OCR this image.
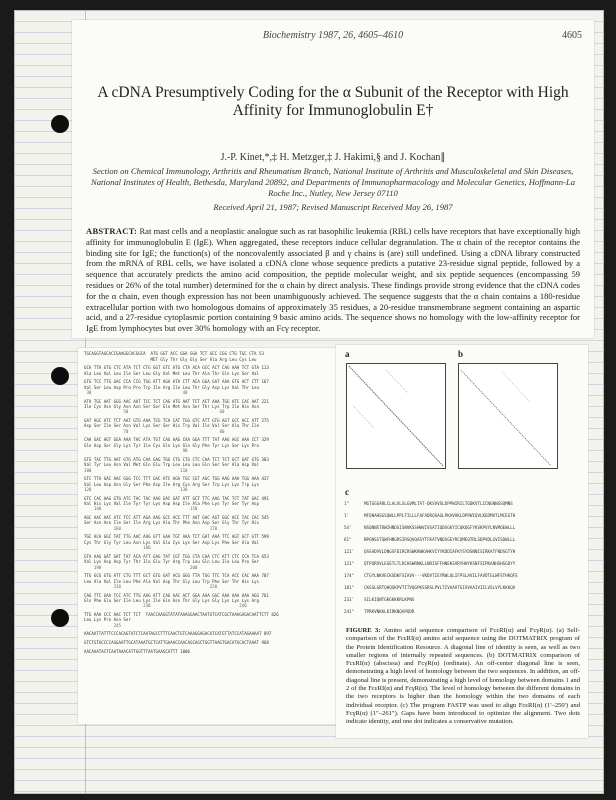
Biochemistry 1987, 26, 4605–4610	4605
A cDNA Presumptively Coding for the α Subunit of the Receptor with High Affinity for Immunoglobulin E†
J.-P. Kinet,*,‡ H. Metzger,‡ J. Hakimi,§ and J. Kochan∥
Section on Chemical Immunology, Arthritis and Rheumatism Branch, National Institute of Arthritis and Musculoskeletal and Skin Diseases, National Institutes of Health, Bethesda, Maryland 20892, and Departments of Immunopharmacology and Molecular Genetics, Hoffmann-La Roche Inc., Nutley, New Jersey 07110
Received April 21, 1987; Revised Manuscript Received May 26, 1987
ABSTRACT: Rat mast cells and a neoplastic analogue such as rat basophilic leukemia (RBL) cells have receptors that have exceptionally high affinity for immunoglobulin E (IgE). When aggregated, these receptors induce cellular degranulation. The α chain of the receptor contains the binding site for IgE; the function(s) of the noncovalently associated β and γ chains is (are) still undefined. Using a cDNA library constructed from the mRNA of RBL cells, we have isolated a cDNA clone whose sequence predicts a putative 23-residue signal peptide, followed by a sequence that accurately predicts the amino acid composition, the peptide molecular weight, and six peptide sequences (encompassing 59 residues or 26% of the total number) determined for the α chain by direct analysis. These findings provide strong evidence that the cDNA codes for the α chain, even though expression has not been unambiguously achieved. The sequence suggests that the α chain contains a 180-residue extracellular portion with two homologous domains of approximately 35 residues, a 20-residue transmembrane segment containing an aspartic acid, and a 27-residue cytoplasmic portion containing 9 basic amino acids. The sequence shows no homology with the low-affinity receptor for IgE from lymphocytes but over 30% homology with an Fcγ receptor.
TGCAGGTAGCACCGAAGGCACGGCA  ATG GGT ACC GGA GGA TCT GCC CGG CTG TGC CTA 53
MET Gly Thr Gly Gly Ser Ala Arg Leu Cys Leu
GCA TTA GTG CTC ATA TCT CTG GGT GTC ATG CTA ACA GCC ACT CAG AAA TCT GTA 113
Ala Leu Val Leu Ile Ser Leu Gly Val Met Leu Thr Ala Thr Gln Lys Ser Val
GTG TCC TTG GAC CCA CCG TGG ATT AGA ATA CTT ACA GGA GAT AAA GTG ACT CTT 167
Val Ser Leu Asp Pro Pro Trp Ile Arg Ile Leu Thr Gly Asp Lys Val Thr Leu
30                                     40
ATA TGC AAT GGG AAC AAT TCC TCT CAG ATG AAT TCT ACT AAA TGG ATC CAC AAT 221
Ile Cys Asn Gly Asn Asn Ser Ser Gln Met Asn Ser Thr Lys Trp Ile His Asn
50                                     60
GAT AGC ATC TCT AAT GTG AAA TCG TCA CAT TGG GTC ATT GTG AGT GCC ACC ATT 275
Asp Ser Ile Ser Asn Val Lys Ser Ser His Trp Val Ile Val Ser Ala Thr Ile
70                                     80
CAA GAC AGT GGA AAA TAC ATA TGT CAG AAG CAA GGA TTT TAT AAG AGC AAA CCT 329
Gln Asp Ser Gly Lys Tyr Ile Cys Gln Lys Gln Gly Phe Tyr Lys Ser Lys Pro
90
GTG TAC TTG AAT GTG ATG CAA GAG TGG CTG CTG CTC CAA TCT TCT GCT GAT GTG 383
Val Tyr Leu Asn Val Met Gln Glu Trp Leu Leu Leu Gln Ser Ser Ala Asp Val
100                                    110
GTC TTA GAC AAC GGG TCC TTT GAC ATC AGA TGC CGT AGC TGG AAG AAA TGG AAA 437
Val Leu Asp Asn Gly Ser Phe Asp Ile Arg Cys Arg Ser Trp Lys Lys Trp Lys
120                                    130
GTC CAC AAG GTG ATC TAC TAC AAG GAC GAT ATT GCT TTC AAG TAC TCT TAT GAC 491
Val His Lys Val Ile Tyr Tyr Lys Asp Asp Ile Ala Phe Lys Tyr Ser Tyr Asp
140                                    150
AGC AAC AAC ATC TCC ATT AGA AAG GCC ACC TTT AAT GAC AGT GGC ACC TAC CAC 545
Ser Asn Asn Ile Ser Ile Arg Lys Ala Thr Phe Asn Asp Ser Gly Thr Tyr His
160                                    170
TGC ACA GGC TAT TTG AAC AAG GTT GAA TGT AAA TCT GAT AAA TTC AGT GCT GTT 599
Cys Thr Gly Tyr Leu Asn Lys Val Glu Cys Lys Ser Asp Lys Phe Ser Ala Val
180
GTA AAG GAT GAT TAT ACA ATT GAG TAT CGT TGG CTA CAA CTC ATT CTC CCA TCA 653
Val Lys Asp Asp Tyr Thr Ile Glu Tyr Arg Trp Leu Gln Leu Ile Leu Pro Ser
190                                    200
TTG GCG GTG ATT CTG TTT GCT GTG GAT ACG GGG TTA TGG TTC TCA ACC CAC AAA 707
Leu Ala Val Ile Leu Phe Ala Val Asp Thr Gly Leu Trp Phe Ser Thr His Lys
210                                    220
CAG TTC GAA TCC ATC TTG AAG ATT CAG AAC ACT GGA AAA GGC AAA AAA AAA AGG 761
Gln Phe Glu Ser Ile Leu Lys Ile Gln Asn Thr Gly Lys Gly Lys Lys Lys Arg
230                                    240
TTG AAA CCC AAC TCT TCT  TAACCAAGGTATATAAAGGAACTAATGTCATCGCTAAAGAGACAATTCTT 826
Leu Lys Pro Asn Ser
245
AACAATTATTTCCCACAGTATCTCAATAGCCTTTCAACTGTCAAAGGAGACATCATGTTATCCATAGAAAAT 897
GTCTGTACCCCAGGAATTGCATAAATGCTCATTGAAACCAACAGCAGCTGGTTAAGTGACATGCACTAAAT 968
AACAAATACTCAATAAACATTGGTTTAATGAAGCATTT 1006
a	b
c
1"	MGTGGSARLCLALVLSLGVMLTAT-QKSVVSLDPPWIRILTGDKVTLICNGNNSSQMNS
1'	MFQNAHSGSQWLLPPLTILLLFAFADRQSAGLPKAVVKLDPPWIQVLKEDMVTLMCEGTH
54'	NSQNNSTRWIHNDSISNVKSSHWVIVSATIQDSGKYICQKQGFYKSKPVYLNVMQEWLLL
61"	NPGNSSTQWFHNGRSIRSQVQASYTFKATVNDSGEYRCQMEQTRLSDPVDLGVISDWLLL
121' QSSADVVLDNGSFDIRCRSWKKWKVHKVIYYKDDIAFKYSYDSNNISIRKATFNDSGTYH
121" QTPQRVVLEGETLTLRCHSWRNKLLNRISFFHNEKSVRYHHYKSNFSIPKANHSHSGDYY
174" CTGYLNKVECKSDKFSIAVV---VKDVTIEYRWLQLIFPSLAVILFAVDTGLWFSTHKQFE
181" CKGSLGRTQHQSKPVTITVQGPKSSRSLPVLTIVAAVTGIAVAAIVIILVSLVYLKKKQV
231' SILKIQNTGKGKKKRLKPNS
241" TPRKVNKKLKIRKNQAPQDR
FIGURE 3: Amino acid sequence comparison of FcεRI(α) and FcγR(α). (a) Self-comparison of the FcεRI(α) amino acid sequence using the DOTMATRIX program of the Protein Identification Resource. A diagonal line of identity is seen, as well as two smaller regions of internally repeated sequences. (b) DOTMATRIX comparison of FcεRI(α) (abscissa) and FcγR(α) (ordinate). An off-center diagonal line is seen, demonstrating a high level of homology between the two sequences. In addition, an off-diagonal line is present, demonstrating a high level of homology between domains 1 and 2 of the FcεRI(α) and FcγR(α). The level of homology between the different domains in the two receptors is higher than the homology within the two domains of each individual receptor. (c) The program FASTP was used to align FcεRI(α) (1'–250') and FcγR(α) (1"–261"). Gaps have been introduced to optimize the alignment. Two dots indicate identity, and one dot indicates a conservative mutation.
